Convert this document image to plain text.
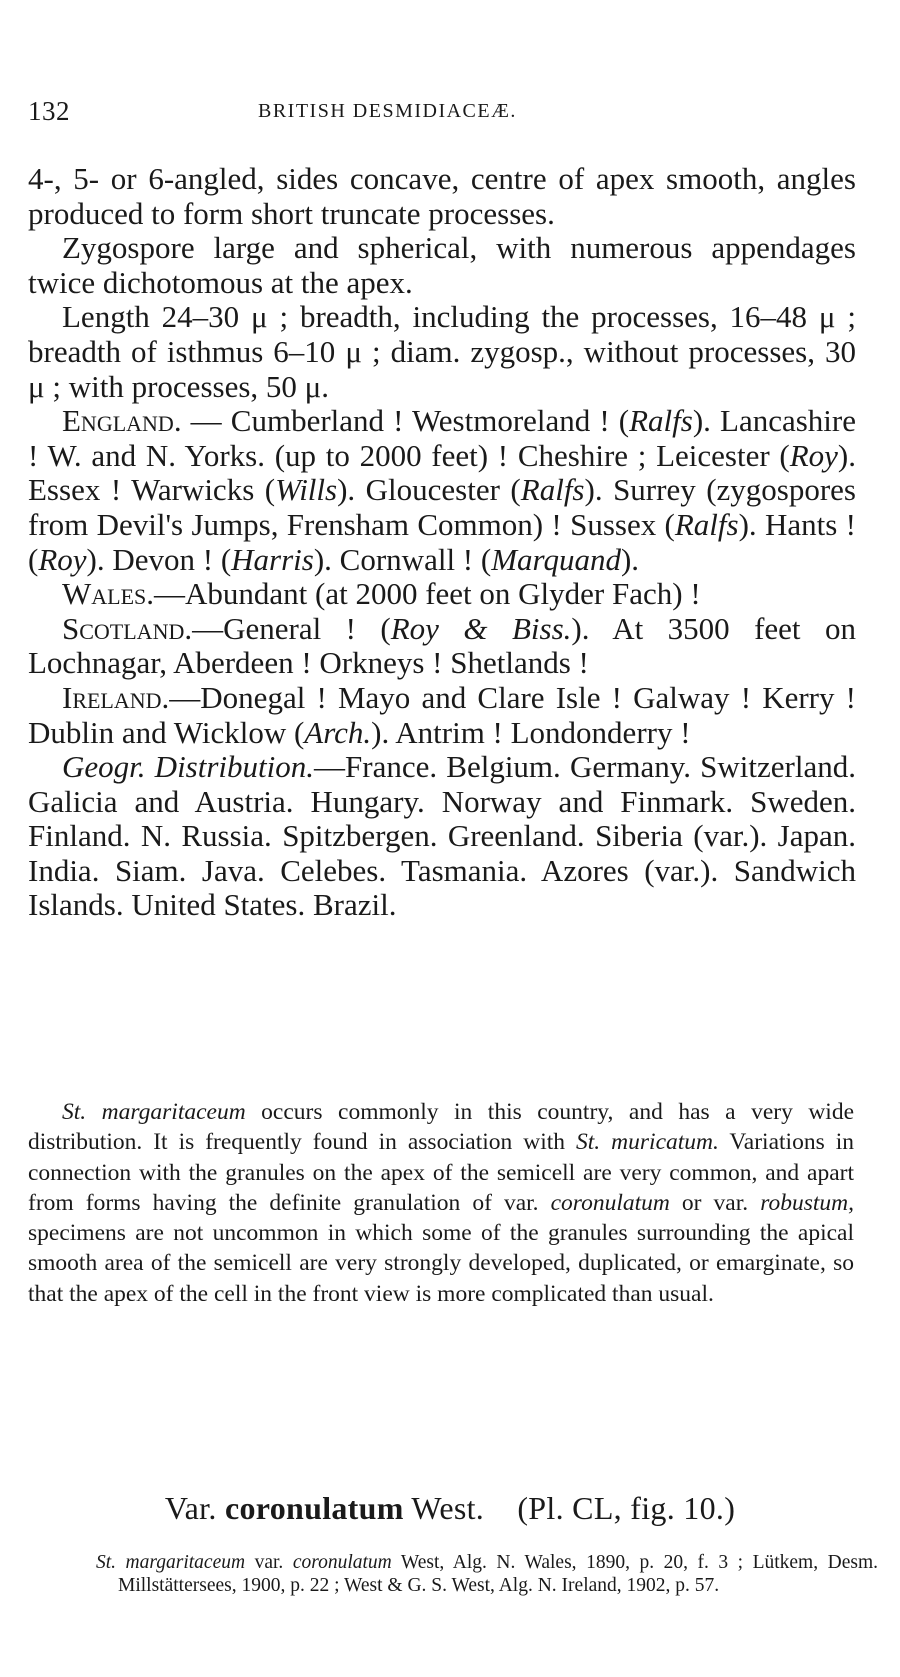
132	BRITISH DESMIDIACEÆ.

4-, 5- or 6-angled, sides concave, centre of apex smooth, angles produced to form short truncate processes.

Zygospore large and spherical, with numerous appendages twice dichotomous at the apex.

Length 24–30 μ ; breadth, including the processes, 16–48 μ ; breadth of isthmus 6–10 μ ; diam. zygosp., without processes, 30 μ ; with processes, 50 μ.

England. — Cumberland ! Westmoreland ! (Ralfs). Lancashire ! W. and N. Yorks. (up to 2000 feet) ! Cheshire ; Leicester (Roy). Essex ! Warwicks (Wills). Gloucester (Ralfs). Surrey (zygospores from Devil's Jumps, Frensham Common) ! Sussex (Ralfs). Hants ! (Roy). Devon ! (Harris). Cornwall ! (Marquand).

Wales.—Abundant (at 2000 feet on Glyder Fach) !

Scotland.—General ! (Roy & Biss.). At 3500 feet on Lochnagar, Aberdeen ! Orkneys ! Shetlands !

Ireland.—Donegal ! Mayo and Clare Isle ! Galway ! Kerry ! Dublin and Wicklow (Arch.). Antrim ! Londonderry !

Geogr. Distribution.—France. Belgium. Germany. Switzerland. Galicia and Austria. Hungary. Norway and Finmark. Sweden. Finland. N. Russia. Spitzbergen. Greenland. Siberia (var.). Japan. India. Siam. Java. Celebes. Tasmania. Azores (var.). Sandwich Islands. United States. Brazil.

St. margaritaceum occurs commonly in this country, and has a very wide distribution. It is frequently found in association with St. muricatum. Variations in connection with the granules on the apex of the semicell are very common, and apart from forms having the definite granulation of var. coronulatum or var. robustum, specimens are not uncommon in which some of the granules surrounding the apical smooth area of the semicell are very strongly developed, duplicated, or emarginate, so that the apex of the cell in the front view is more complicated than usual.

Var. coronulatum West. (Pl. CL, fig. 10.)

St. margaritaceum var. coronulatum West, Alg. N. Wales, 1890, p. 20, f. 3 ; Lütkem, Desm. Millstättersees, 1900, p. 22 ; West & G. S. West, Alg. N. Ireland, 1902, p. 57.
